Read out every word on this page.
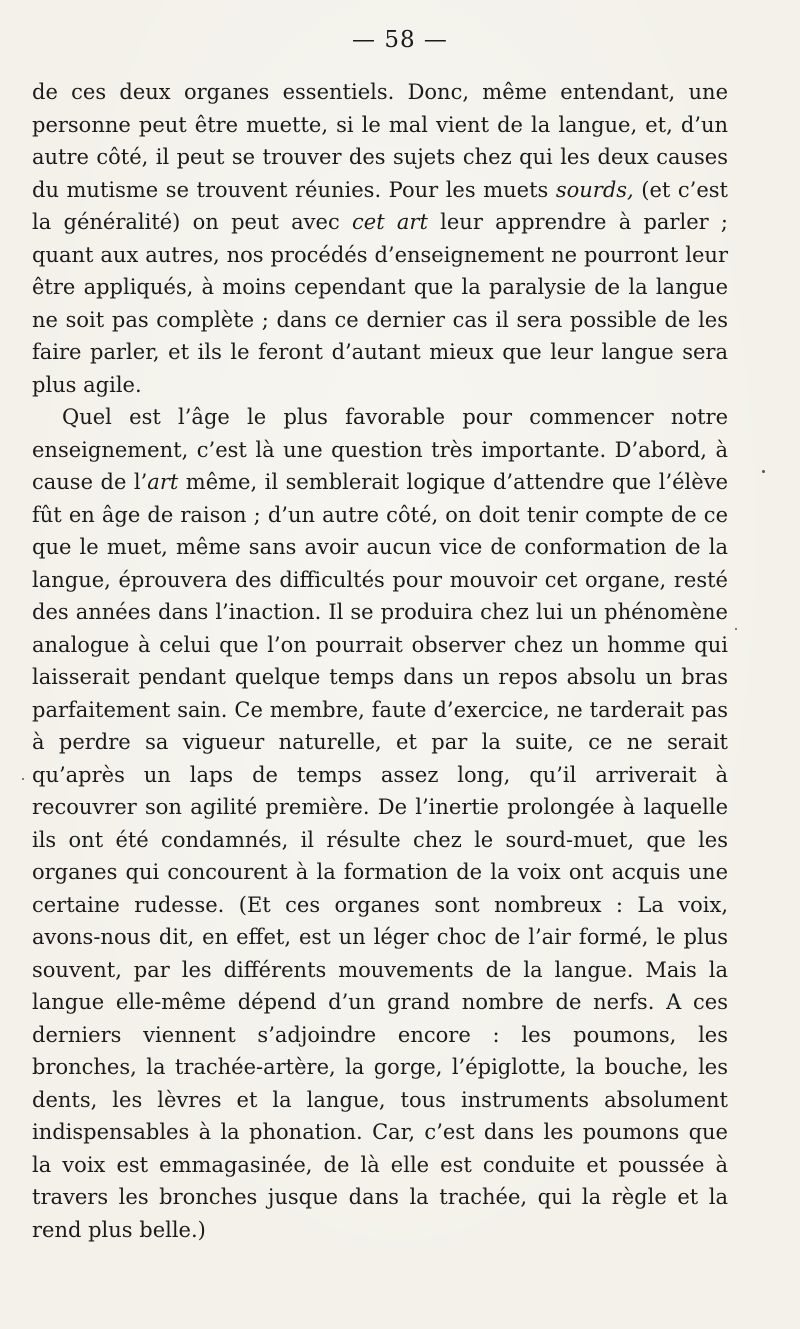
— 58 —

de ces deux organes essentiels. Donc, même entendant, une personne peut être muette, si le mal vient de la langue, et, d’un autre côté, il peut se trouver des sujets chez qui les deux causes du mutisme se trouvent réunies. Pour les muets sourds, (et c’est la généralité) on peut avec cet art leur apprendre à parler ; quant aux autres, nos procédés d’enseignement ne pourront leur être appliqués, à moins cependant que la paralysie de la langue ne soit pas complète ; dans ce dernier cas il sera possible de les faire parler, et ils le feront d’autant mieux que leur langue sera plus agile.

Quel est l’âge le plus favorable pour commencer notre enseignement, c’est là une question très importante. D’abord, à cause de l’art même, il semblerait logique d’attendre que l’élève fût en âge de raison ; d’un autre côté, on doit tenir compte de ce que le muet, même sans avoir aucun vice de conformation de la langue, éprouvera des difficultés pour mouvoir cet organe, resté des années dans l’inaction. Il se produira chez lui un phénomène analogue à celui que l’on pourrait observer chez un homme qui laisserait pendant quelque temps dans un repos absolu un bras parfaitement sain. Ce membre, faute d’exercice, ne tarderait pas à perdre sa vigueur naturelle, et par la suite, ce ne serait qu’après un laps de temps assez long, qu’il arriverait à recouvrer son agilité première. De l’inertie prolongée à laquelle ils ont été condamnés, il résulte chez le sourd-muet, que les organes qui concourent à la formation de la voix ont acquis une certaine rudesse. (Et ces organes sont nombreux : La voix, avons-nous dit, en effet, est un léger choc de l’air formé, le plus souvent, par les différents mouvements de la langue. Mais la langue elle-même dépend d’un grand nombre de nerfs. A ces derniers viennent s’adjoindre encore : les poumons, les bronches, la trachée-artère, la gorge, l’épiglotte, la bouche, les dents, les lèvres et la langue, tous instruments absolument indispensables à la phonation. Car, c’est dans les poumons que la voix est emmagasinée, de là elle est conduite et poussée à travers les bronches jusque dans la trachée, qui la règle et la rend plus belle.)
